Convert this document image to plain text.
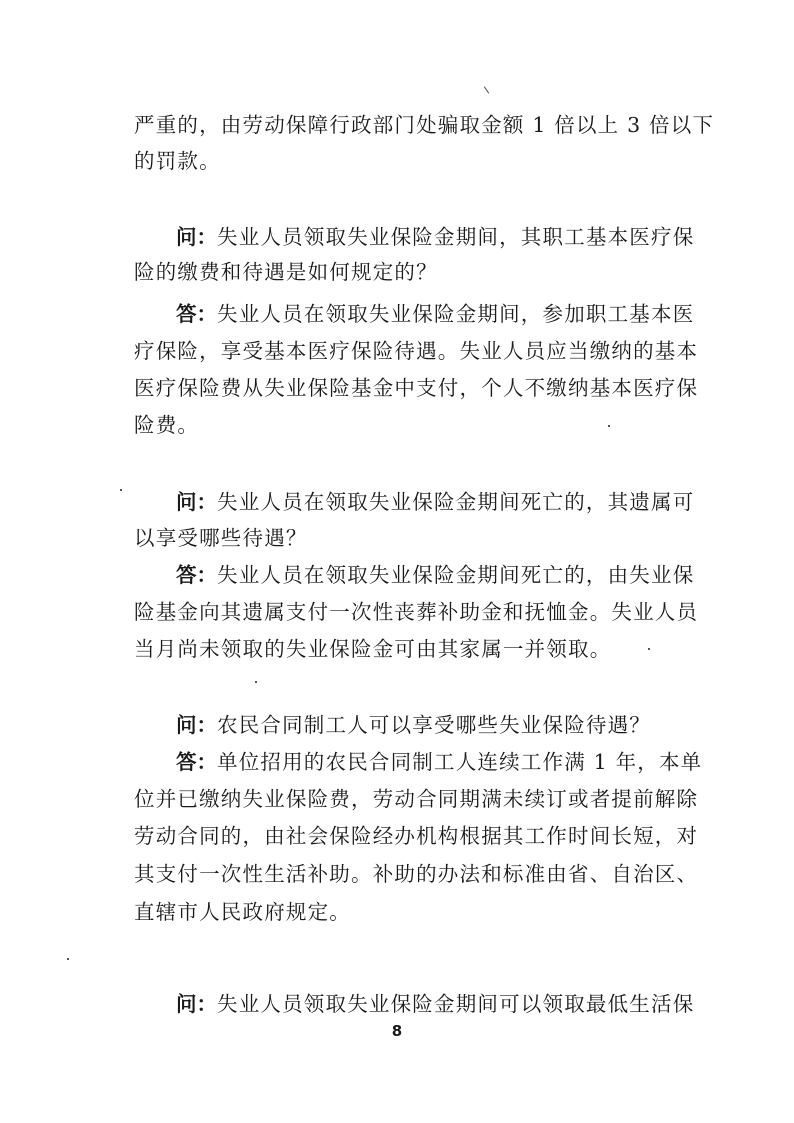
严重的，由劳动保障行政部门处骗取金额 1 倍以上 3 倍以下
的罚款。
问：失业人员领取失业保险金期间，其职工基本医疗保
险的缴费和待遇是如何规定的？
答：失业人员在领取失业保险金期间，参加职工基本医
疗保险，享受基本医疗保险待遇。失业人员应当缴纳的基本
医疗保险费从失业保险基金中支付，个人不缴纳基本医疗保
险费。
问：失业人员在领取失业保险金期间死亡的，其遗属可
以享受哪些待遇？
答：失业人员在领取失业保险金期间死亡的，由失业保
险基金向其遗属支付一次性丧葬补助金和抚恤金。失业人员
当月尚未领取的失业保险金可由其家属一并领取。
问：农民合同制工人可以享受哪些失业保险待遇？
答：单位招用的农民合同制工人连续工作满 1 年，本单
位并已缴纳失业保险费，劳动合同期满未续订或者提前解除
劳动合同的，由社会保险经办机构根据其工作时间长短，对
其支付一次性生活补助。补助的办法和标准由省、自治区、
直辖市人民政府规定。
问：失业人员领取失业保险金期间可以领取最低生活保
8
